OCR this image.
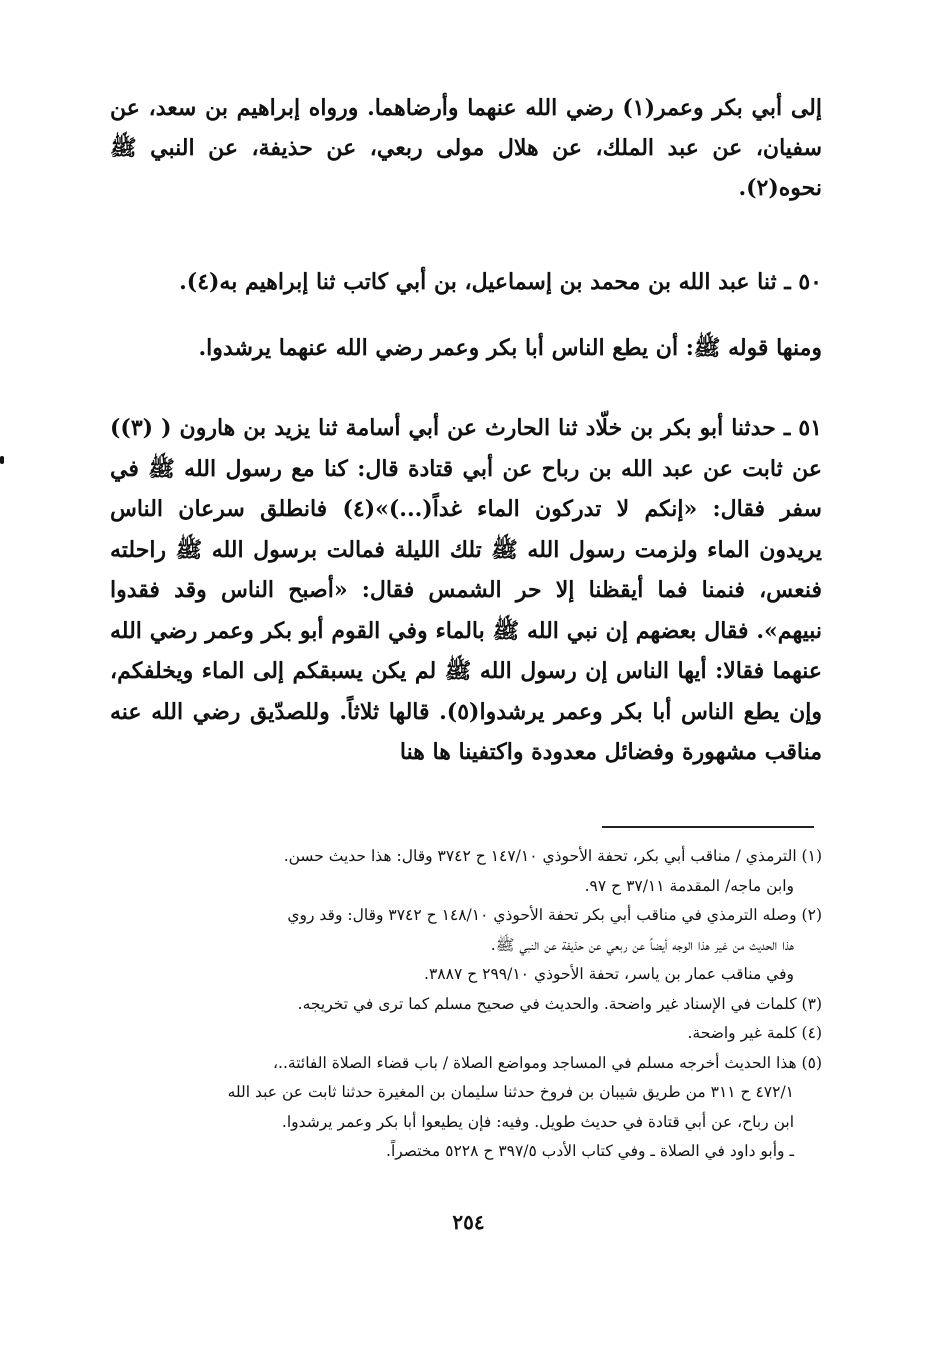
إلى أبي بكر وعمر(١) رضي الله عنهما وأرضاهما. ورواه إبراهيم بن سعد، عن سفيان، عن عبد الملك، عن هلال مولى ربعي، عن حذيفة، عن النبي ﷺ نحوه(٢).

٥٠ ـ ثنا عبد الله بن محمد بن إسماعيل، بن أبي كاتب ثنا إبراهيم به(٤).

ومنها قوله ﷺ: أن يطع الناس أبا بكر وعمر رضي الله عنهما يرشدوا.

٥١ ـ حدثنا أبو بكر بن خلّاد ثنا الحارث عن أبي أسامة ثنا يزيد بن هارون ( (٣)) عن ثابت عن عبد الله بن رباح عن أبي قتادة قال: كنا مع رسول الله ﷺ في سفر فقال: «إنكم لا تدركون الماء غداً(...)»(٤) فانطلق سرعان الناس يريدون الماء ولزمت رسول الله ﷺ تلك الليلة فمالت برسول الله ﷺ راحلته فنعس، فنمنا فما أيقظنا إلا حر الشمس فقال: «أصبح الناس وقد فقدوا نبيهم». فقال بعضهم إن نبي الله ﷺ بالماء وفي القوم أبو بكر وعمر رضي الله عنهما فقالا: أيها الناس إن رسول الله ﷺ لم يكن يسبقكم إلى الماء ويخلفكم، وإن يطع الناس أبا بكر وعمر يرشدوا(٥). قالها ثلاثاً. وللصدّيق رضي الله عنه مناقب مشهورة وفضائل معدودة واكتفينا ها هنا

(١) الترمذي / مناقب أبي بكر، تحفة الأحوذي ١٤٧/١٠ ح ٣٧٤٢ وقال: هذا حديث حسن.

وابن ماجه/ المقدمة ٣٧/١١ ح ٩٧.

(٢) وصله الترمذي في مناقب أبي بكر تحفة الأحوذي ١٤٨/١٠ ح ٣٧٤٢ وقال: وقد روي

هذا الحديث من غير هذا الوجه أيضاً عن ربعي عن حذيفة عن النبي ﷺ.

وفي مناقب عمار بن ياسر، تحفة الأحوذي ٢٩٩/١٠ ح ٣٨٨٧.

(٣) كلمات في الإسناد غير واضحة. والحديث في صحيح مسلم كما ترى في تخريجه.

(٤) كلمة غير واضحة.

(٥) هذا الحديث أخرجه مسلم في المساجد ومواضع الصلاة / باب قضاء الصلاة الفائتة..،

٤٧٢/١ ح ٣١١ من طريق شيبان بن فروخ حدثنا سليمان بن المغيرة حدثنا ثابت عن عبد الله

ابن رباح، عن أبي قتادة في حديث طويل. وفيه: فإن يطيعوا أبا بكر وعمر يرشدوا.

ـ وأبو داود في الصلاة ـ وفي كتاب الأدب ٣٩٧/٥ ح ٥٢٢٨ مختصراً.

٢٥٤
